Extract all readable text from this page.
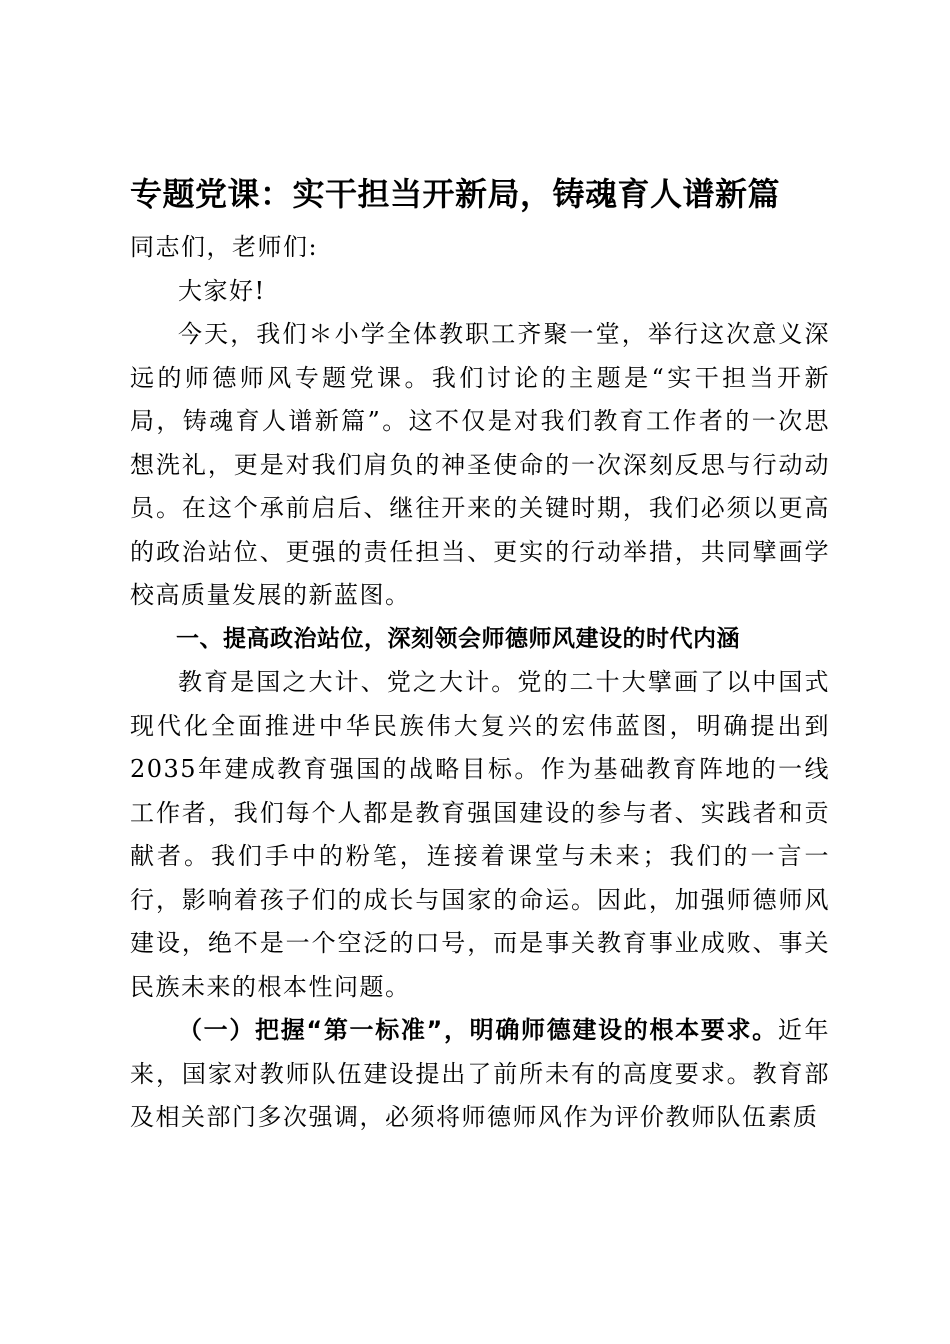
专题党课：实干担当开新局，铸魂育人谱新篇

同志们，老师们:

大家好!

今天，我们＊小学全体教职工齐聚一堂，举行这次意义深远的师德师风专题党课。我们讨论的主题是“实干担当开新局，铸魂育人谱新篇”。这不仅是对我们教育工作者的一次思想洗礼，更是对我们肩负的神圣使命的一次深刻反思与行动动员。在这个承前启后、继往开来的关键时期，我们必须以更高的政治站位、更强的责任担当、更实的行动举措，共同擘画学校高质量发展的新蓝图。

一、提高政治站位，深刻领会师德师风建设的时代内涵

教育是国之大计、党之大计。党的二十大擘画了以中国式现代化全面推进中华民族伟大复兴的宏伟蓝图，明确提出到2035年建成教育强国的战略目标。作为基础教育阵地的一线工作者，我们每个人都是教育强国建设的参与者、实践者和贡献者。我们手中的粉笔，连接着课堂与未来；我们的一言一行，影响着孩子们的成长与国家的命运。因此，加强师德师风建设，绝不是一个空泛的口号，而是事关教育事业成败、事关民族未来的根本性问题。

（一）把握“第一标准”，明确师德建设的根本要求。近年来，国家对教师队伍建设提出了前所未有的高度要求。教育部及相关部门多次强调，必须将师德师风作为评价教师队伍素质
